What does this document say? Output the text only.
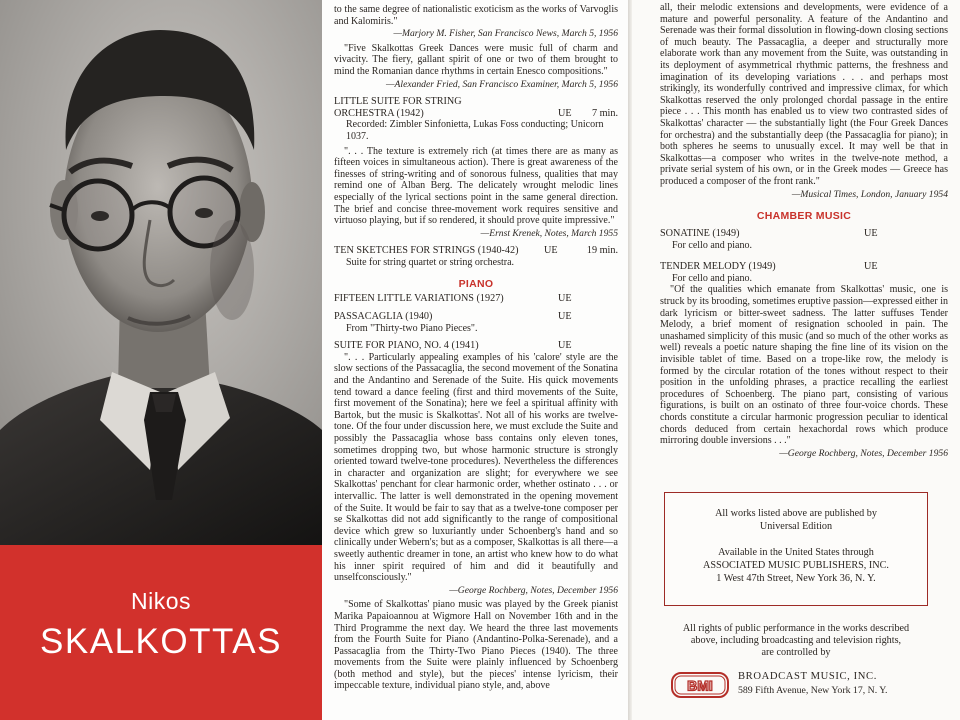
Nikos
SKALKOTTAS

to the same degree of nationalistic exoticism as the works of Varvoglis and Kalomiris."

—Marjory M. Fisher, San Francisco News, March 5, 1956

"Five Skalkottas Greek Dances were music full of charm and vivacity. The fiery, gallant spirit of one or two of them brought to mind the Romanian dance rhythms in certain Enesco compositions."

—Alexander Fried, San Francisco Examiner, March 5, 1956

LITTLE SUITE FOR STRING
ORCHESTRA (1942)	UE 7 min.

Recorded: Zimbler Sinfonietta, Lukas Foss conducting; Unicorn 1037.

". . . The texture is extremely rich (at times there are as many as fifteen voices in simultaneous action). There is great awareness of the finesses of string-writing and of sonorous fulness, qualities that may remind one of Alban Berg. The delicately wrought melodic lines especially of the lyrical sections point in the same general direction. The brief and concise three-movement work requires sensitive and virtuoso playing, but if so rendered, it should prove quite impressive."

—Ernst Krenek, Notes, March 1955

TEN SKETCHES FOR STRINGS (1940-42) UE	19 min.

Suite for string quartet or string orchestra.

PIANO
FIFTEEN LITTLE VARIATIONS (1927)	UE
PASSACAGLIA (1940)	UE

From "Thirty-two Piano Pieces".

SUITE FOR PIANO, NO. 4 (1941)	UE

". . . Particularly appealing examples of his 'calore' style are the slow sections of the Passacaglia, the second movement of the Sonatina and the Andantino and Serenade of the Suite. His quick movements tend toward a dance feeling (first and third movements of the Suite, first movement of the Sonatina); here we feel a spiritual affinity with Bartok, but the music is Skalkottas'. Not all of his works are twelve-tone. Of the four under discussion here, we must exclude the Suite and possibly the Passacaglia whose bass contains only eleven tones, sometimes dropping two, but whose harmonic structure is strongly oriented toward twelve-tone procedures). Nevertheless the differences in character and organization are slight; for everywhere we see Skalkottas' penchant for clear harmonic order, whether ostinato . . . or intervallic. The latter is well demonstrated in the opening movement of the Suite. It would be fair to say that as a twelve-tone composer per se Skalkottas did not add significantly to the range of compositional device which grew so luxuriantly under Schoenberg's hand and so clinically under Webern's; but as a composer, Skalkottas is all there—a sweetly authentic dreamer in tone, an artist who knew how to do what his inner spirit required of him and did it beautifully and unselfconsciously."

—George Rochberg, Notes, December 1956

"Some of Skalkottas' piano music was played by the Greek pianist Marika Papaioannou at Wigmore Hall on November 16th and in the Third Programme the next day. We heard the three last movements from the Fourth Suite for Piano (Andantino-Polka-Serenade), and a Passacaglia from the Thirty-Two Piano Pieces (1940). The three movements from the Suite were plainly influenced by Schoenberg (both method and style), but the pieces' intense lyricism, their impeccable texture, individual piano style, and, above

all, their melodic extensions and developments, were evidence of a mature and powerful personality. A feature of the Andantino and Serenade was their formal dissolution in flowing-down closing sections of much beauty. The Passacaglia, a deeper and structurally more elaborate work than any movement from the Suite, was outstanding in its deployment of asymmetrical rhythmic patterns, the freshness and imagination of its developing variations . . . and perhaps most strikingly, its wonderfully contrived and impressive climax, for which Skalkottas reserved the only prolonged chordal passage in the entire piece . . . This month has enabled us to view two contrasted sides of Skalkottas' character — the substantially light (the Four Greek Dances for orchestra) and the substantially deep (the Passacaglia for piano); in both spheres he seems to unusually excel. It may well be that in Skalkottas—a composer who writes in the twelve-note method, a private serial system of his own, or in the Greek modes — Greece has produced a composer of the front rank."

—Musical Times, London, January 1954

CHAMBER MUSIC
SONATINE (1949)	UE

For cello and piano.

TENDER MELODY (1949)	UE

For cello and piano.

"Of the qualities which emanate from Skalkottas' music, one is struck by its brooding, sometimes eruptive passion—expressed either in dark lyricism or bitter-sweet sadness. The latter suffuses Tender Melody, a brief moment of resignation schooled in pain. The unashamed simplicity of this music (and so much of the other works as well) reveals a poetic nature shaping the fine line of its vision on the invisible tablet of time. Based on a trope-like row, the melody is formed by the circular rotation of the tones without respect to their position in the unfolding phrases, a practice recalling the earliest procedures of Schoenberg. The piano part, consisting of various figurations, is built on an ostinato of three four-voice chords. These chords constitute a circular harmonic progression peculiar to identical chords deduced from certain hexachordal rows which produce mirroring double inversions . . ."

—George Rochberg, Notes, December 1956

All works listed above are published by
Universal Edition
Available in the United States through
ASSOCIATED MUSIC PUBLISHERS, INC.
1 West 47th Street, New York 36, N. Y.
All rights of public performance in the works described
above, including broadcasting and television rights,
are controlled by
BMI
BROADCAST MUSIC, INC.
589 Fifth Avenue, New York 17, N. Y.
